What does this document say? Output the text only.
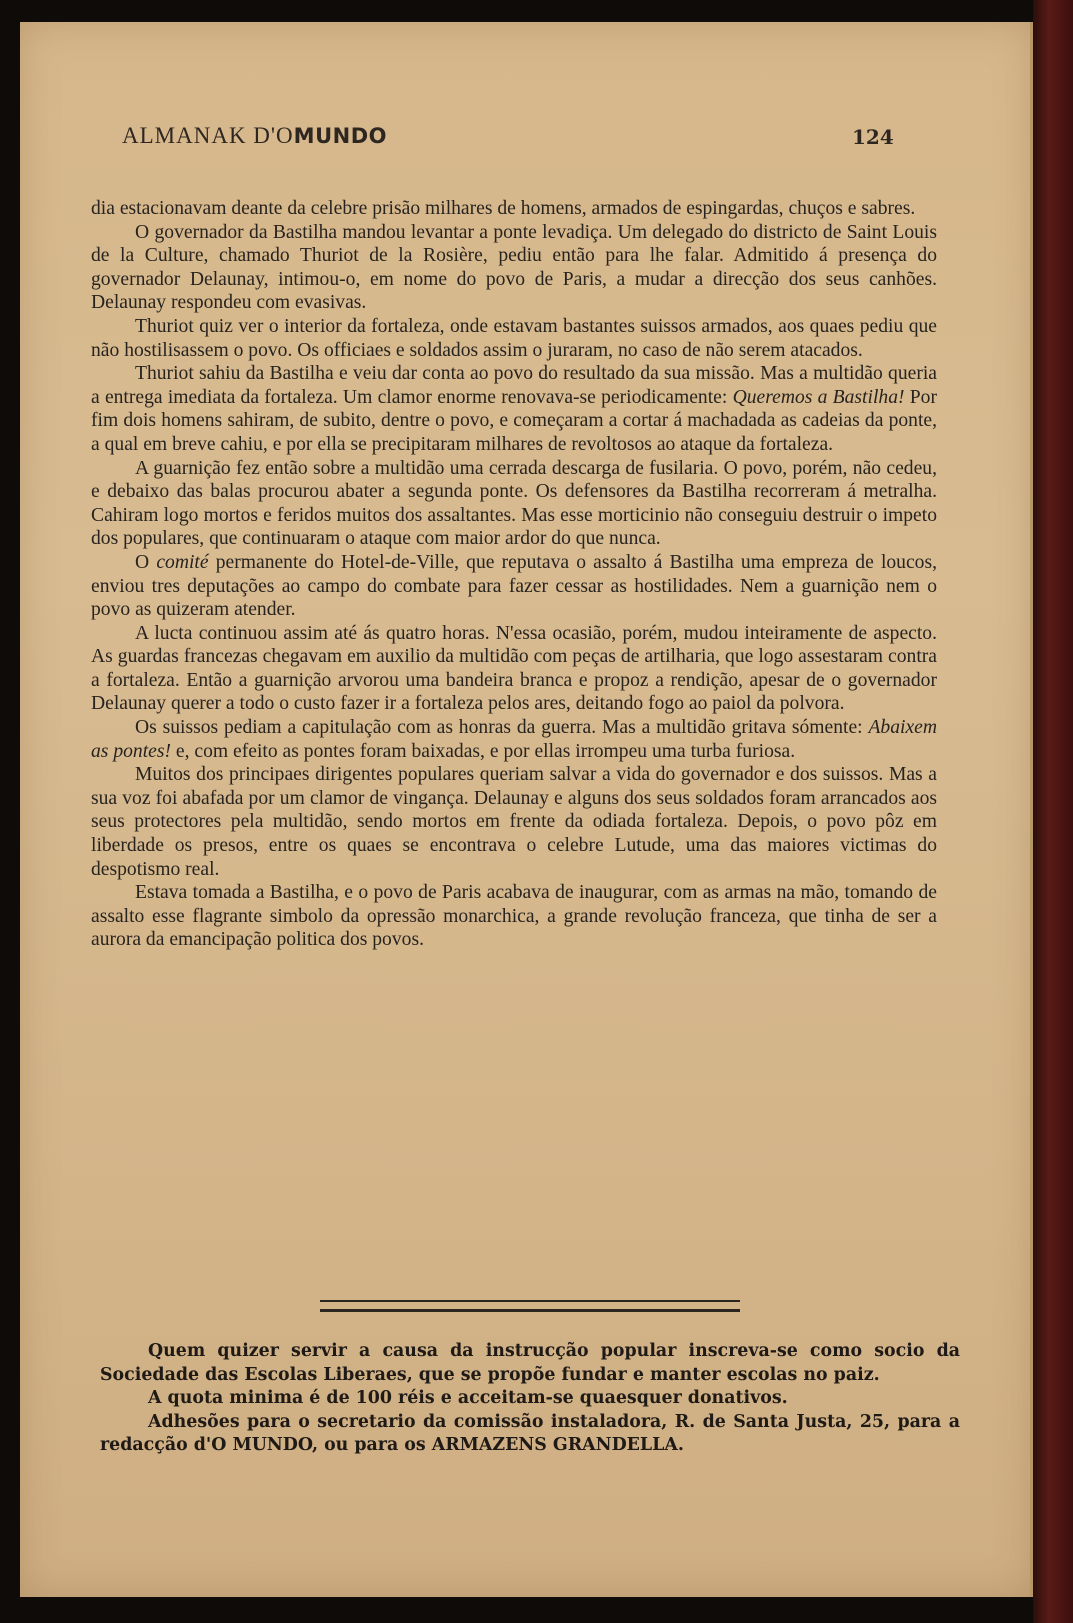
ALMANAK D'OMUNDO	124

dia estacionavam deante da celebre prisão milhares de homens, armados de espingardas, chuços e sabres.

O governador da Bastilha mandou levantar a ponte levadiça. Um delegado do districto de Saint Louis de la Culture, chamado Thuriot de la Rosière, pediu então para lhe falar. Admitido á presença do governador Delaunay, intimou-o, em nome do povo de Paris, a mudar a direcção dos seus canhões. Delaunay respondeu com evasivas.

Thuriot quiz ver o interior da fortaleza, onde estavam bastantes suissos armados, aos quaes pediu que não hostilisassem o povo. Os officiaes e soldados assim o juraram, no caso de não serem atacados.

Thuriot sahiu da Bastilha e veiu dar conta ao povo do resultado da sua missão. Mas a multidão queria a entrega imediata da fortaleza. Um clamor enorme renovava-se periodicamente: Queremos a Bastilha! Por fim dois homens sahiram, de subito, dentre o povo, e começaram a cortar á machadada as cadeias da ponte, a qual em breve cahiu, e por ella se precipitaram milhares de revoltosos ao ataque da fortaleza.

A guarnição fez então sobre a multidão uma cerrada descarga de fusilaria. O povo, porém, não cedeu, e debaixo das balas procurou abater a segunda ponte. Os defensores da Bastilha recorreram á metralha. Cahiram logo mortos e feridos muitos dos assaltantes. Mas esse morticinio não conseguiu destruir o impeto dos populares, que continuaram o ataque com maior ardor do que nunca.

O comité permanente do Hotel-de-Ville, que reputava o assalto á Bastilha uma empreza de loucos, enviou tres deputações ao campo do combate para fazer cessar as hostilidades. Nem a guarnição nem o povo as quizeram atender.

A lucta continuou assim até ás quatro horas. N'essa ocasião, porém, mudou inteiramente de aspecto. As guardas francezas chegavam em auxilio da multidão com peças de artilharia, que logo assestaram contra a fortaleza. Então a guarnição arvorou uma bandeira branca e propoz a rendição, apesar de o governador Delaunay querer a todo o custo fazer ir a fortaleza pelos ares, deitando fogo ao paiol da polvora.

Os suissos pediam a capitulação com as honras da guerra. Mas a multidão gritava sómente: Abaixem as pontes! e, com efeito as pontes foram baixadas, e por ellas irrompeu uma turba furiosa.

Muitos dos principaes dirigentes populares queriam salvar a vida do governador e dos suissos. Mas a sua voz foi abafada por um clamor de vingança. Delaunay e alguns dos seus soldados foram arrancados aos seus protectores pela multidão, sendo mortos em frente da odiada fortaleza. Depois, o povo pôz em liberdade os presos, entre os quaes se encontrava o celebre Lutude, uma das maiores victimas do despotismo real.

Estava tomada a Bastilha, e o povo de Paris acabava de inaugurar, com as armas na mão, tomando de assalto esse flagrante simbolo da opressão monarchica, a grande revolução franceza, que tinha de ser a aurora da emancipação politica dos povos.

Quem quizer servir a causa da instrucção popular inscreva-se como socio da Sociedade das Escolas Liberaes, que se propõe fundar e manter escolas no paiz.

A quota minima é de 100 réis e acceitam-se quaesquer donativos.

Adhesões para o secretario da comissão instaladora, R. de Santa Justa, 25, para a redacção d'O MUNDO, ou para os ARMAZENS GRANDELLA.
